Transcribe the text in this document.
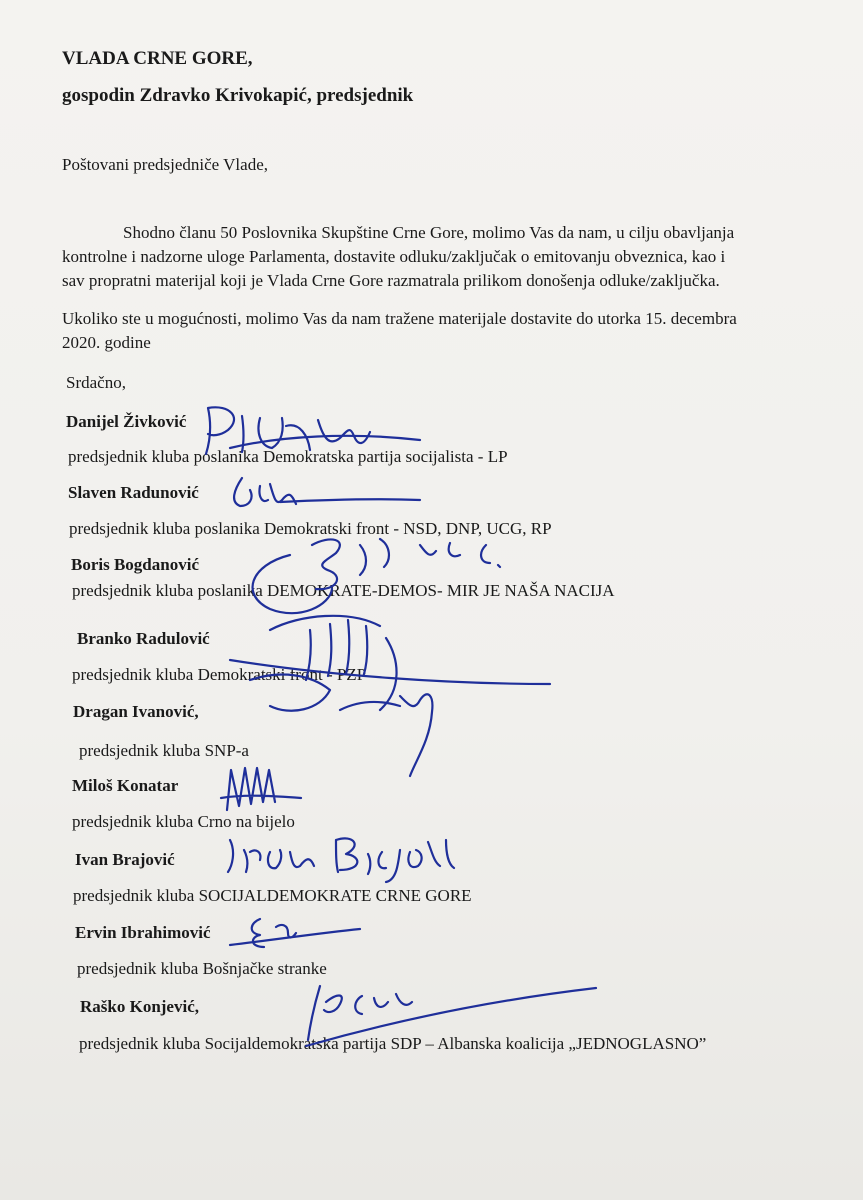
VLADA CRNE GORE,
gospodin Zdravko Krivokapić, predsjednik
Poštovani predsjedniče Vlade,
Shodno članu 50 Poslovnika Skupštine Crne Gore, molimo Vas da nam, u cilju obavljanja
kontrolne i nadzorne uloge Parlamenta, dostavite odluku/zaključak o emitovanju obveznica, kao i
sav propratni materijal koji je Vlada Crne Gore razmatrala prilikom donošenja odluke/zaključka.
Ukoliko ste u mogućnosti, molimo Vas da nam tražene materijale dostavite do utorka 15. decembra
2020. godine
Srdačno,
Danijel Živković
predsjednik kluba poslanika Demokratska partija socijalista - LP
Slaven Radunović
predsjednik kluba poslanika Demokratski front - NSD, DNP, UCG, RP
Boris Bogdanović
predsjednik kluba poslanika DEMOKRATE-DEMOS- MIR JE NAŠA NACIJA
Branko Radulović
predsjednik kluba Demokratski front - PZP
Dragan Ivanović,
predsjednik kluba SNP-a
Miloš Konatar
predsjednik kluba Crno na bijelo
Ivan Brajović
predsjednik kluba SOCIJALDEMOKRATE CRNE GORE
Ervin Ibrahimović
predsjednik kluba Bošnjačke stranke
Raško Konjević,
predsjednik kluba Socijaldemokratska partija SDP – Albanska koalicija „JEDNOGLASNO”
